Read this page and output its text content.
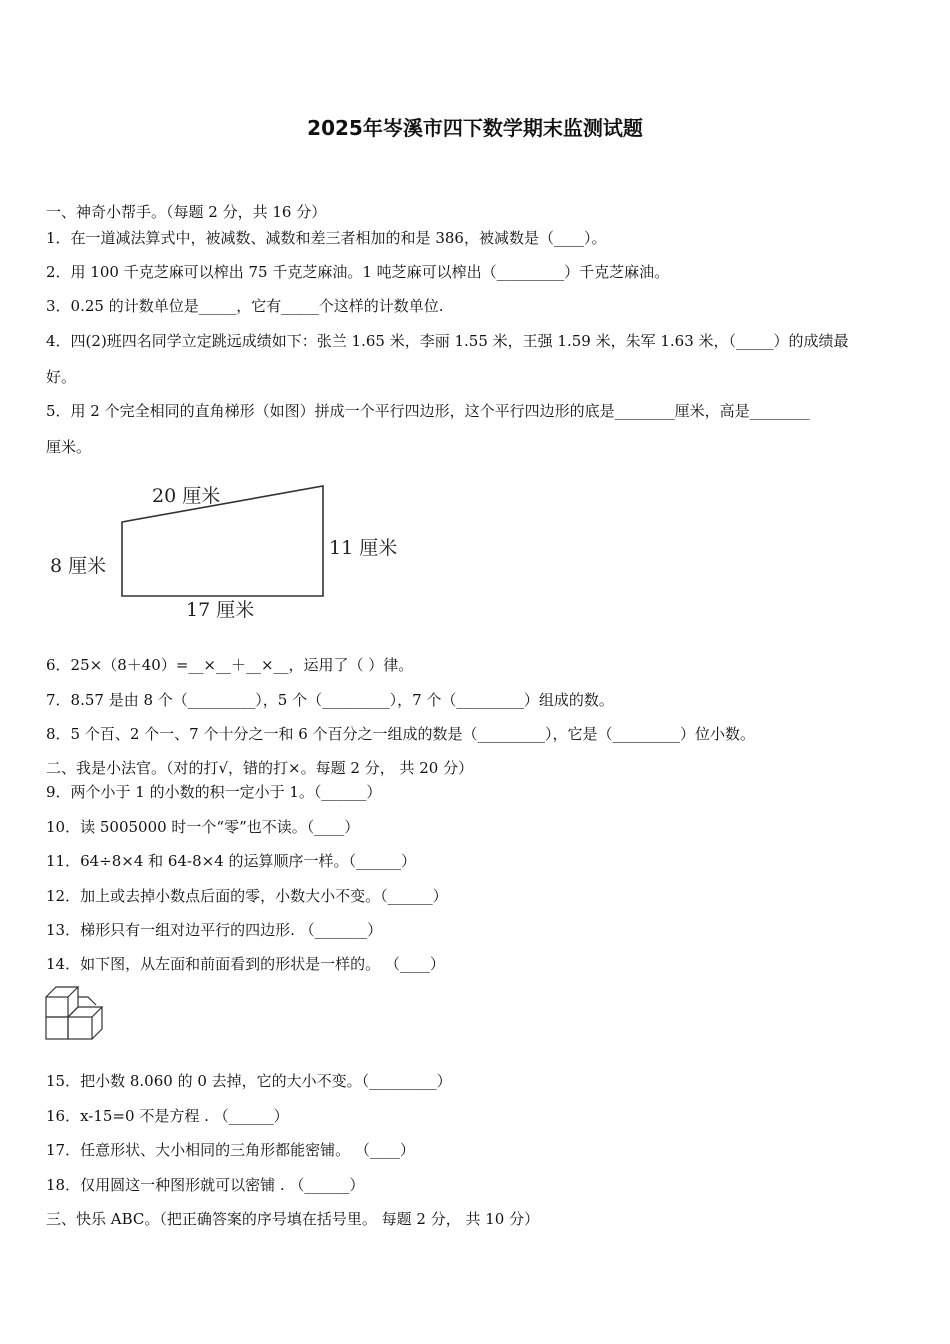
2025年岑溪市四下数学期末监测试题
一、神奇小帮手。（每题 2 分，共 16 分）
1．在一道减法算式中，被减数、减数和差三者相加的和是 386，被减数是（____）。
2．用 100 千克芝麻可以榨出 75 千克芝麻油。1 吨芝麻可以榨出（_________）千克芝麻油。
3．0.25 的计数单位是_____，它有_____个这样的计数单位.
4．四(2)班四名同学立定跳远成绩如下：张兰 1.65 米，李丽 1.55 米，王强 1.59 米，朱军 1.63 米，（_____）的成绩最
好。
5．用 2 个完全相同的直角梯形（如图）拼成一个平行四边形，这个平行四边形的底是________厘米，高是________
厘米。
20 厘米
8 厘米
11 厘米
17 厘米
6．25×（8＋40）=__×__＋__×__，运用了（ ）律。
7．8.57 是由 8 个（_________），5 个（_________），7 个（_________）组成的数。
8．5 个百、2 个一、7 个十分之一和 6 个百分之一组成的数是（_________），它是（_________）位小数。
二、我是小法官。（对的打√，错的打×。每题 2 分， 共 20 分）
9．两个小于 1 的小数的积一定小于 1。（______）
10．读 5005000 时一个“零”也不读。（____）
11．64÷8×4 和 64-8×4 的运算顺序一样。（______）
12．加上或去掉小数点后面的零，小数大小不变。（______）
13．梯形只有一组对边平行的四边形. （_______）
14．如下图，从左面和前面看到的形状是一样的。 （____）
15．把小数 8.060 的 0 去掉，它的大小不变。（_________）
16．x-15=0 不是方程 . （______）
17．任意形状、大小相同的三角形都能密铺。 （____）
18．仅用圆这一种图形就可以密铺 . （______）
三、快乐 ABC。（把正确答案的序号填在括号里。 每题 2 分， 共 10 分）
